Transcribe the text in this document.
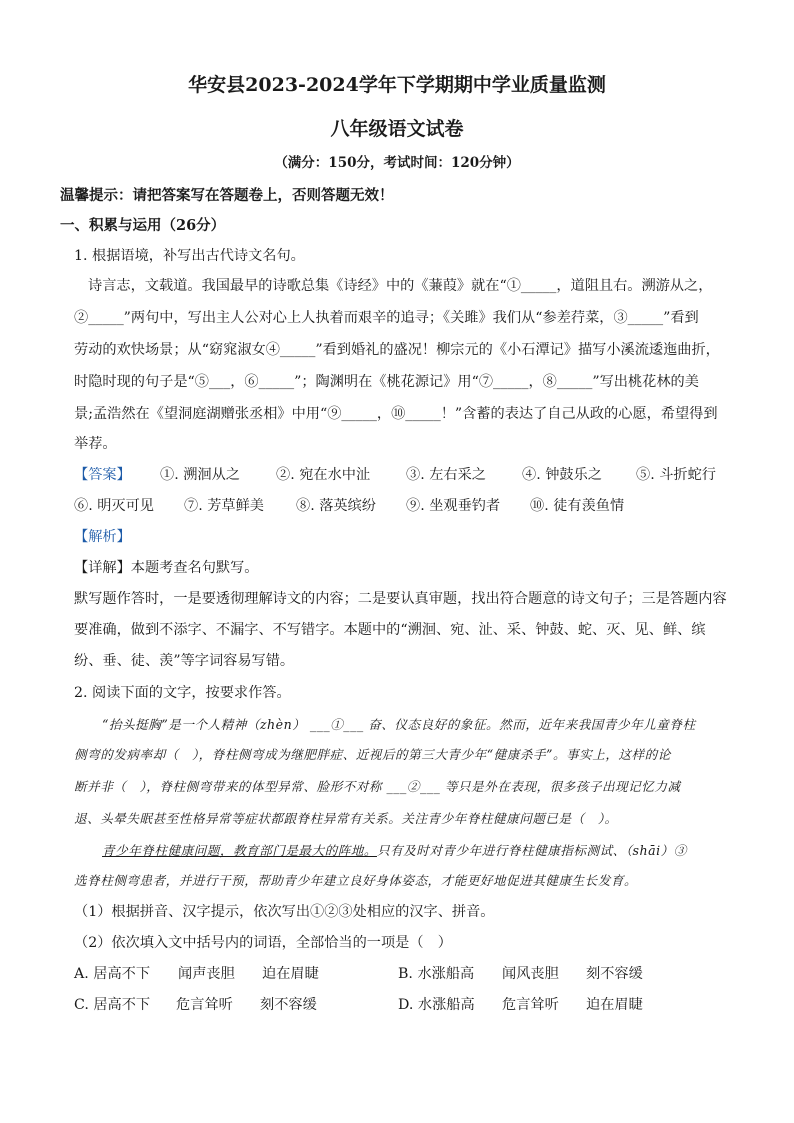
华安县2023-2024学年下学期期中学业质量监测
八年级语文试卷
（满分：150分，考试时间：120分钟）
温馨提示：请把答案写在答题卷上，否则答题无效！
一、积累与运用（26分）
1. 根据语境，补写出古代诗文名句。
诗言志，文载道。我国最早的诗歌总集《诗经》中的《蒹葭》就在“①_____，道阻且右。溯游从之，
②_____”两句中，写出主人公对心上人执着而艰辛的追寻；《关雎》我们从“参差荇菜，③_____”看到
劳动的欢快场景；从“窈窕淑女④_____”看到婚礼的盛况！柳宗元的《小石潭记》描写小溪流逶迤曲折，
时隐时现的句子是“⑤___，⑥_____”；陶渊明在《桃花源记》用“⑦_____，⑧_____”写出桃花林的美
景;孟浩然在《望洞庭湖赠张丞相》中用“⑨_____，⑩_____！”含蓄的表达了自己从政的心愿，希望得到
举荐。
【答案】 ①. 溯洄从之	②. 宛在水中沚	③. 左右采之	④. 钟鼓乐之 ⑤. 斗折蛇行
⑥. 明灭可见 ⑦. 芳草鲜美 ⑧. 落英缤纷 ⑨. 坐观垂钓者 ⑩. 徒有羡鱼情
【解析】
【详解】本题考查名句默写。
默写题作答时，一是要透彻理解诗文的内容；二是要认真审题，找出符合题意的诗文句子；三是答题内容
要准确，做到不添字、不漏字、不写错字。本题中的“溯洄、宛、沚、采、钟鼓、蛇、灭、见、鲜、缤
纷、垂、徒、羡”等字词容易写错。
2. 阅读下面的文字，按要求作答。
“抬头挺胸”是一个人精神（zhèn） ___①___ 奋、仪态良好的象征。然而，近年来我国青少年儿童脊柱
侧弯的发病率却（　），脊柱侧弯成为继肥胖症、近视后的第三大青少年“健康杀手”。事实上，这样的论
断并非（　），脊柱侧弯带来的体型异常、脸形不对称 ___②___ 等只是外在表现，很多孩子出现记忆力减
退、头晕失眠甚至性格异常等症状都跟脊柱异常有关系。关注青少年脊柱健康问题已是（　）。
青少年脊柱健康问题，教育部门是最大的阵地。只有及时对青少年进行脊柱健康指标测试、（shāi）③
选脊柱侧弯患者，并进行干预，帮助青少年建立良好身体姿态，才能更好地促进其健康生长发育。
（1）根据拼音、汉字提示，依次写出①②③处相应的汉字、拼音。
（2）依次填入文中括号内的词语，全部恰当的一项是（　）
A. 居高不下 闻声丧胆 迫在眉睫	B. 水涨船高 闻风丧胆 刻不容缓
C. 居高不下 危言耸听 刻不容缓	D. 水涨船高 危言耸听 迫在眉睫
